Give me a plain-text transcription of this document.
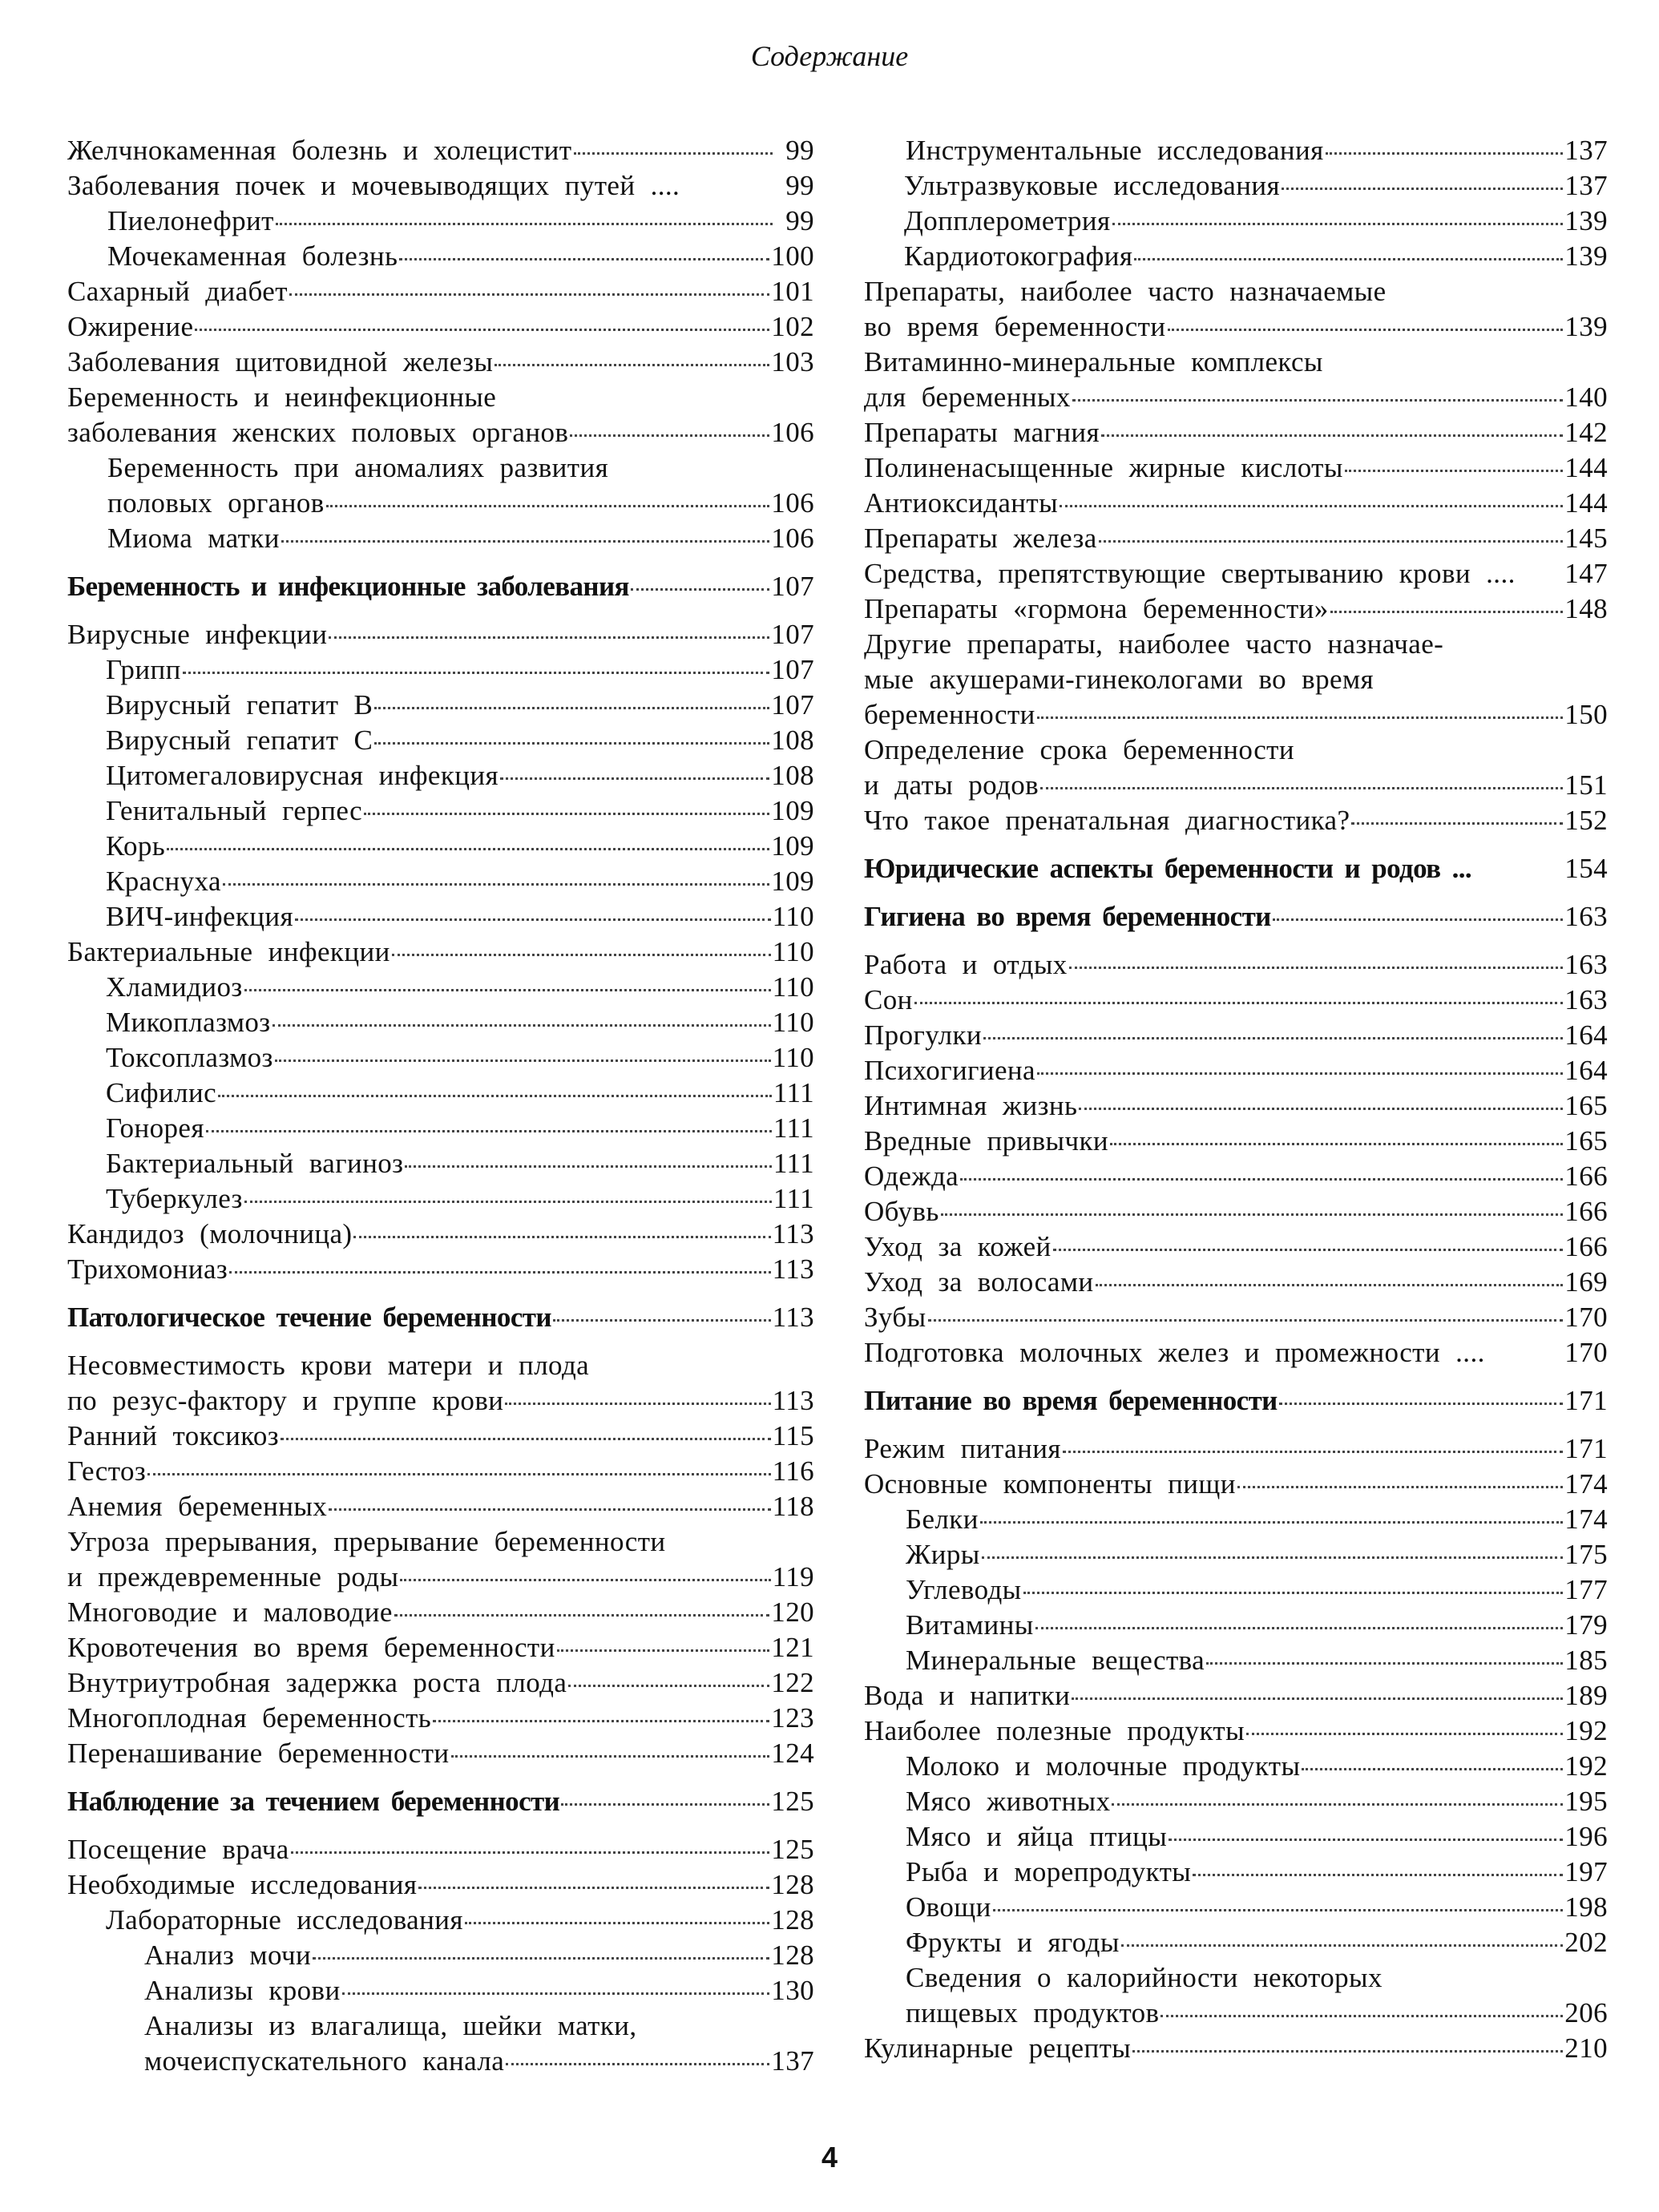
Содержание
Желчнокаменная болезнь и холецистит	99
Заболевания почек и мочевыводящих путей ....	99
Пиелонефрит	99
Мочекаменная болезнь	100
Сахарный диабет	101
Ожирение	102
Заболевания щитовидной железы	103
Беременность и неинфекционные
заболевания женских половых органов	106
Беременность при аномалиях развития
половых органов	106
Миома матки	106
Беременность и инфекционные заболевания	107
Вирусные инфекции	107
Грипп	107
Вирусный гепатит В	107
Вирусный гепатит С	108
Цитомегаловирусная инфекция	108
Генитальный герпес	109
Корь	109
Краснуха	109
ВИЧ-инфекция	110
Бактериальные инфекции	110
Хламидиоз	110
Микоплазмоз	110
Токсоплазмоз	110
Сифилис	111
Гонорея	111
Бактериальный вагиноз	111
Туберкулез	111
Кандидоз (молочница)	113
Трихомониаз	113
Патологическое течение беременности	113
Несовместимость крови матери и плода
по резус-фактору и группе крови	113
Ранний токсикоз	115
Гестоз	116
Анемия беременных	118
Угроза прерывания, прерывание беременности
и преждевременные роды	119
Многоводие и маловодие	120
Кровотечения во время беременности	121
Внутриутробная задержка роста плода	122
Многоплодная беременность	123
Перенашивание беременности	124
Наблюдение за течением беременности	125
Посещение врача	125
Необходимые исследования	128
Лабораторные исследования	128
Анализ мочи	128
Анализы крови	130
Анализы из влагалища, шейки матки,
мочеиспускательного канала	137
Инструментальные исследования	137
Ультразвуковые исследования	137
Допплерометрия	139
Кардиотокография	139
Препараты, наиболее часто назначаемые
во время беременности	139
Витаминно-минеральные комплексы
для беременных	140
Препараты магния	142
Полиненасыщенные жирные кислоты	144
Антиоксиданты	144
Препараты железа	145
Средства, препятствующие свертыванию крови ....	147
Препараты «гормона беременности»	148
Другие препараты, наиболее часто назначае-
мые акушерами-гинекологами во время
беременности	150
Определение срока беременности
и даты родов	151
Что такое пренатальная диагностика?	152
Юридические аспекты беременности и родов ...	154
Гигиена во время беременности	163
Работа и отдых	163
Сон	163
Прогулки	164
Психогигиена	164
Интимная жизнь	165
Вредные привычки	165
Одежда	166
Обувь	166
Уход за кожей	166
Уход за волосами	169
Зубы	170
Подготовка молочных желез и промежности ....	170
Питание во время беременности	171
Режим питания	171
Основные компоненты пищи	174
Белки	174
Жиры	175
Углеводы	177
Витамины	179
Минеральные вещества	185
Вода и напитки	189
Наиболее полезные продукты	192
Молоко и молочные продукты	192
Мясо животных	195
Мясо и яйца птицы	196
Рыба и морепродукты	197
Овощи	198
Фрукты и ягоды	202
Сведения о калорийности некоторых
пищевых продуктов	206
Кулинарные рецепты	210
4
